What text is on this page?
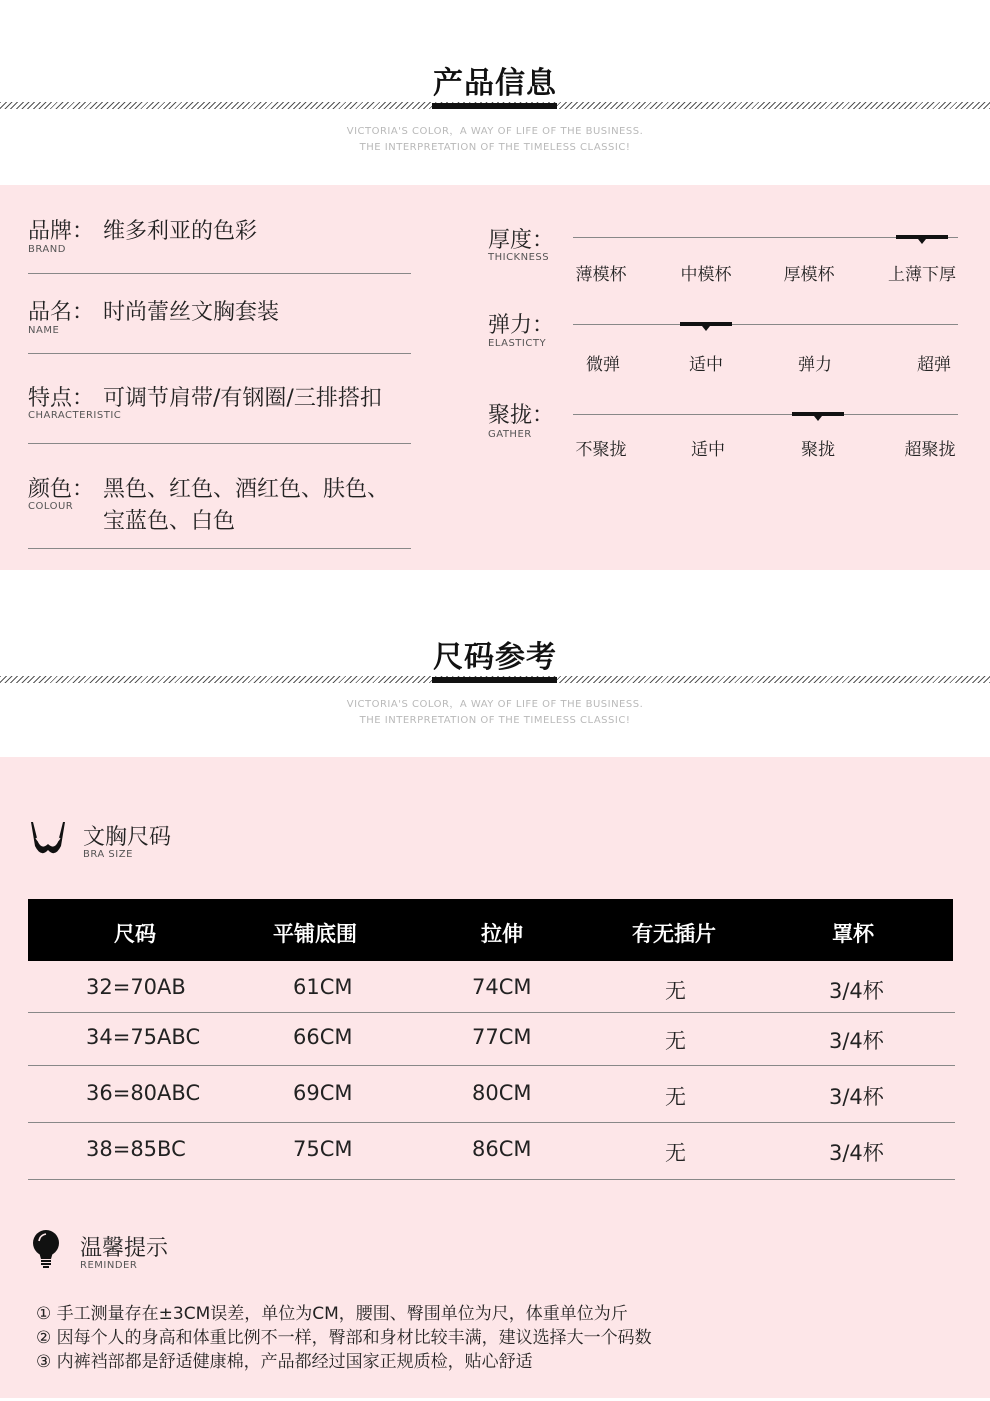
产品信息
VICTORIA'S COLOR，A WAY OF LIFE OF THE BUSINESS.
THE INTERPRETATION OF THE TIMELESS CLASSIC!
品牌： 维多利亚的色彩
BRAND
品名： 时尚蕾丝文胸套装
NAME
特点： 可调节肩带/有钢圈/三排搭扣
CHARACTERISTIC
颜色： 黑色、红色、酒红色、肤色、
宝蓝色、白色
COLOUR
厚度：
THICKNESS
薄模杯	中模杯	厚模杯	上薄下厚
弹力：
ELASTICTY
微弹	适中	弹力	超弹
聚拢：
GATHER
不聚拢	适中	聚拢	超聚拢
尺码参考
VICTORIA'S COLOR，A WAY OF LIFE OF THE BUSINESS.
THE INTERPRETATION OF THE TIMELESS CLASSIC!
文胸尺码
BRA SIZE
尺码	平铺底围	拉伸	有无插片	罩杯
32=70AB	61CM	74CM	无	3/4杯
34=75ABC	66CM	77CM	无	3/4杯
36=80ABC	69CM	80CM	无	3/4杯
38=85BC	75CM	86CM	无	3/4杯
温馨提示
REMINDER
① 手工测量存在±3CM误差，单位为CM，腰围、臀围单位为尺，体重单位为斤
② 因每个人的身高和体重比例不一样，臀部和身材比较丰满，建议选择大一个码数
③ 内裤裆部都是舒适健康棉，产品都经过国家正规质检，贴心舒适
